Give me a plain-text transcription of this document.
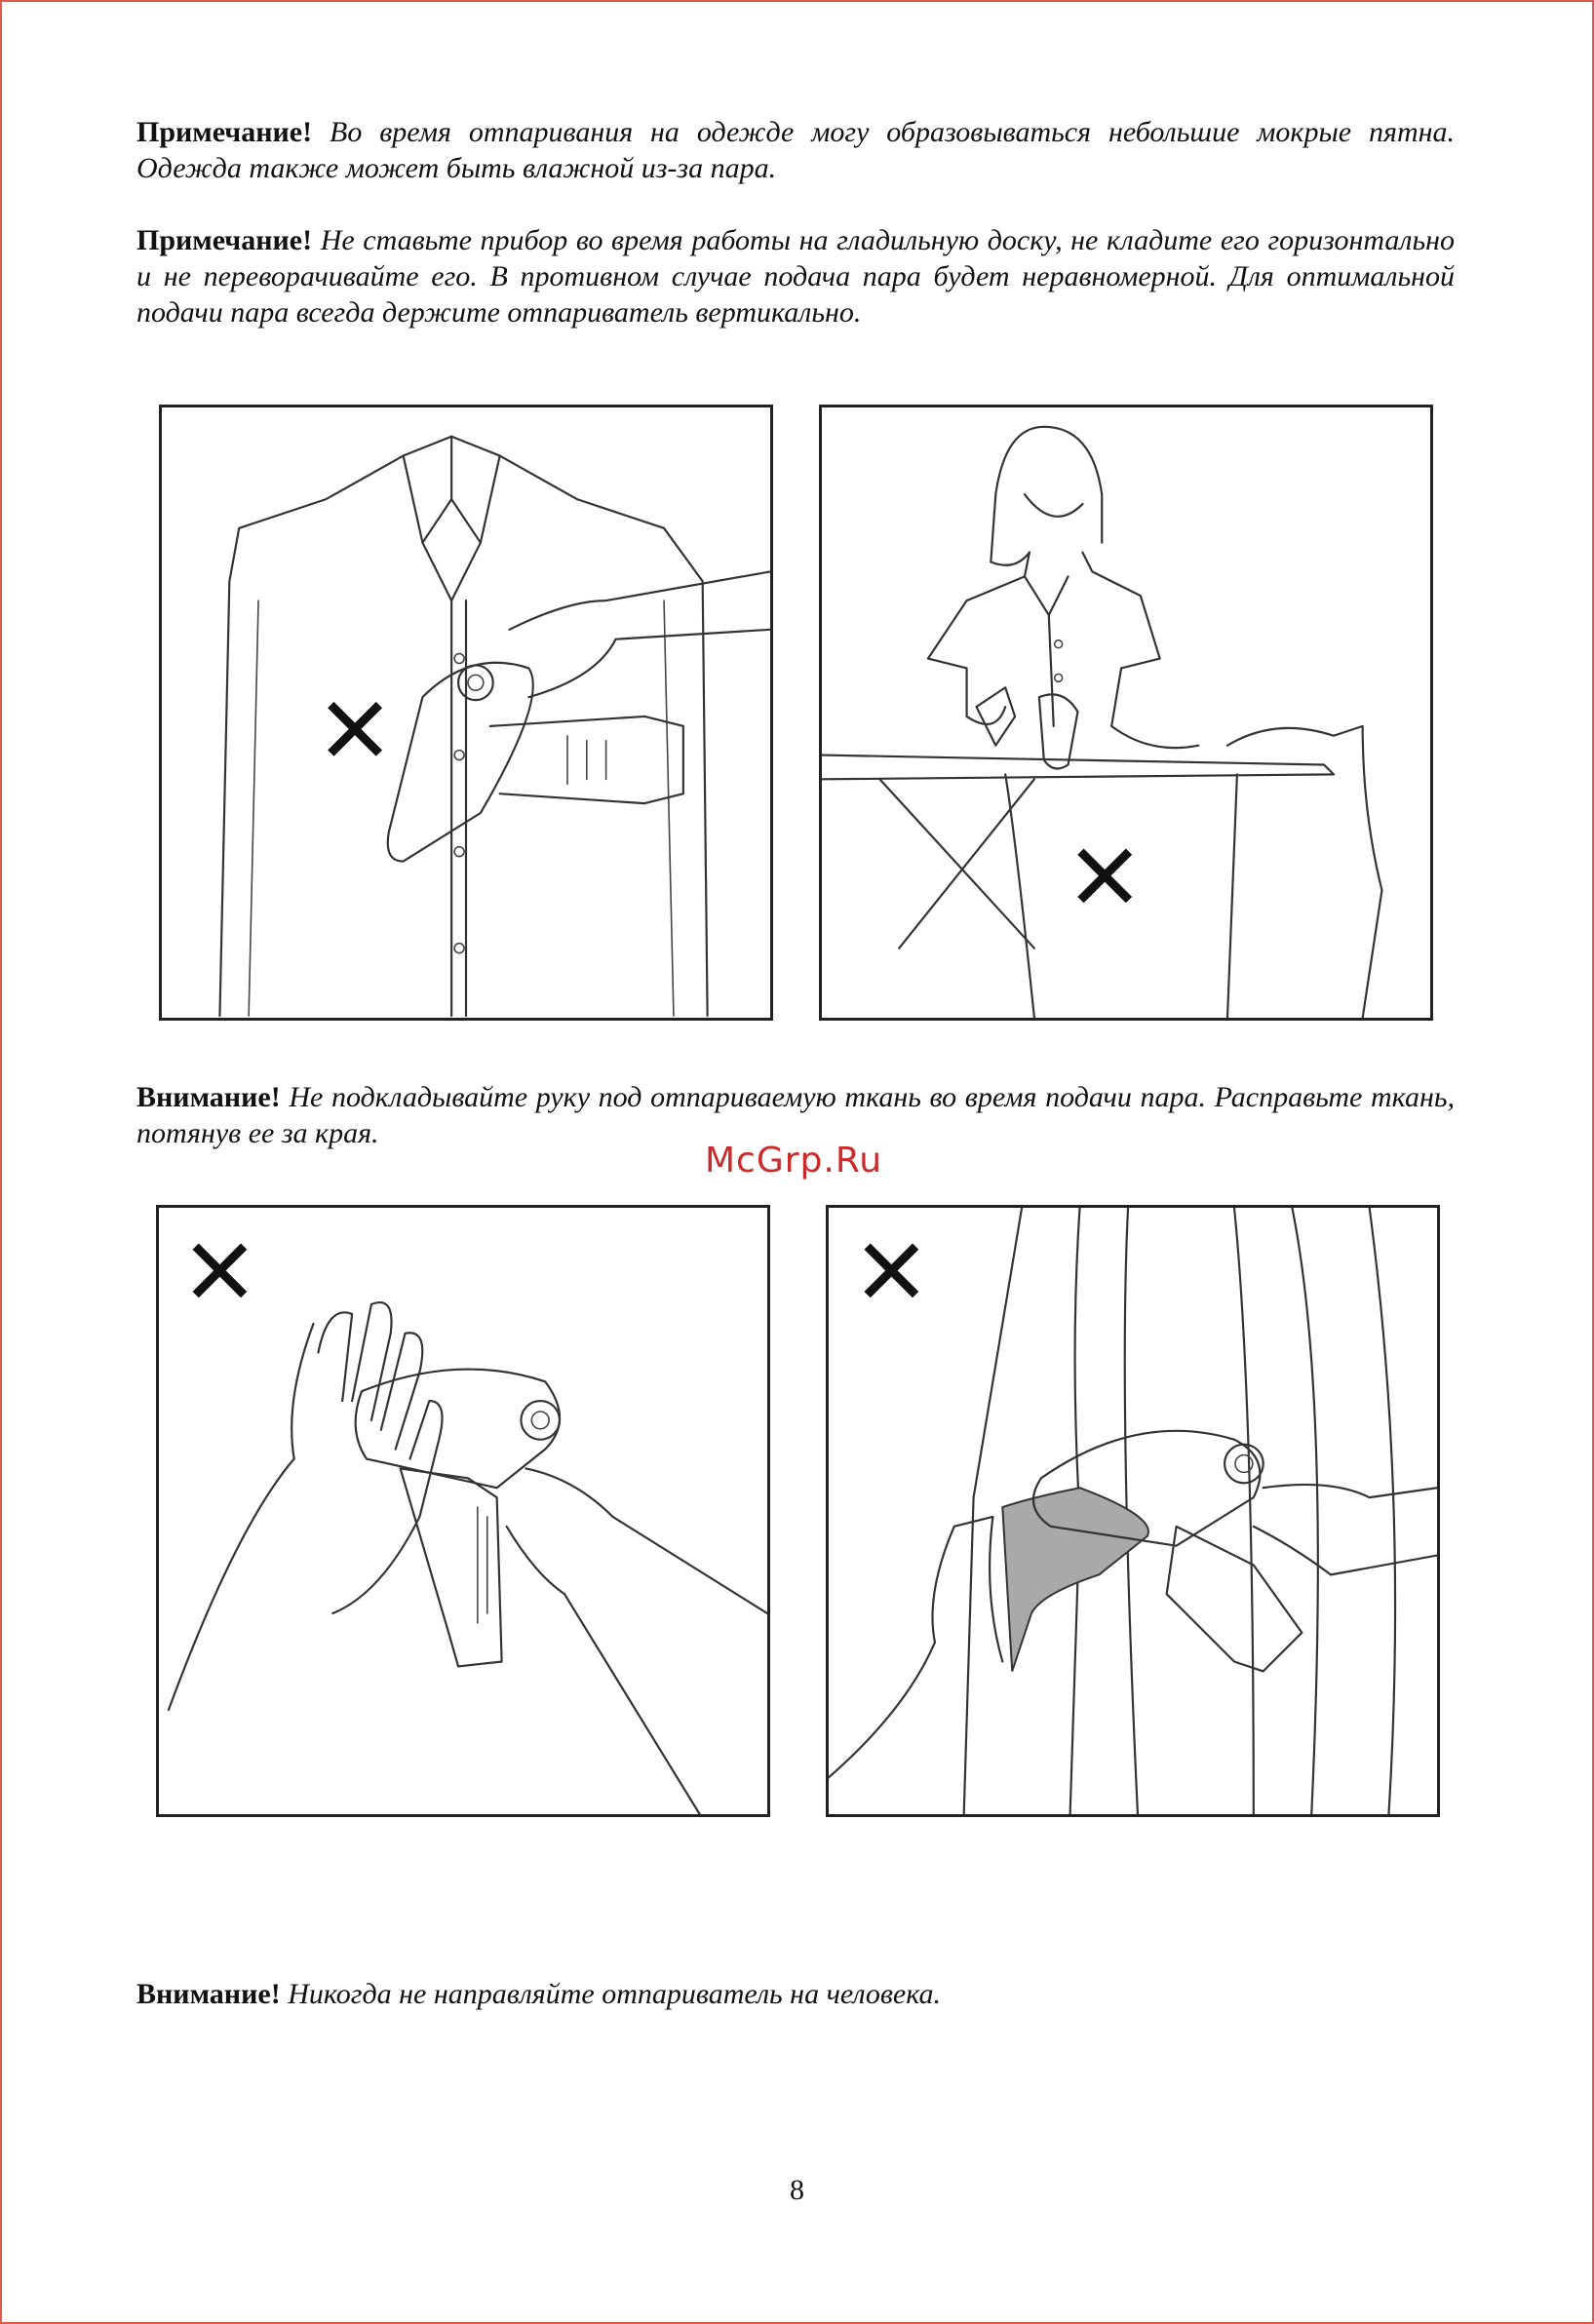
Примечание! Во время отпаривания на одежде могу образовываться небольшие мокрые пятна. Одежда также может быть влажной из-за пара.

Примечание! Не ставьте прибор во время работы на гладильную доску, не кладите его горизонтально и не переворачивайте его. В противном случае подача пара будет неравномерной. Для оптимальной подачи пара всегда держите отпариватель вертикально.

Внимание! Не подкладывайте руку под отпариваемую ткань во время подачи пара. Расправьте ткань, потянув ее за края.

McGrp.Ru

Внимание! Никогда не направляйте отпариватель на человека.

8
